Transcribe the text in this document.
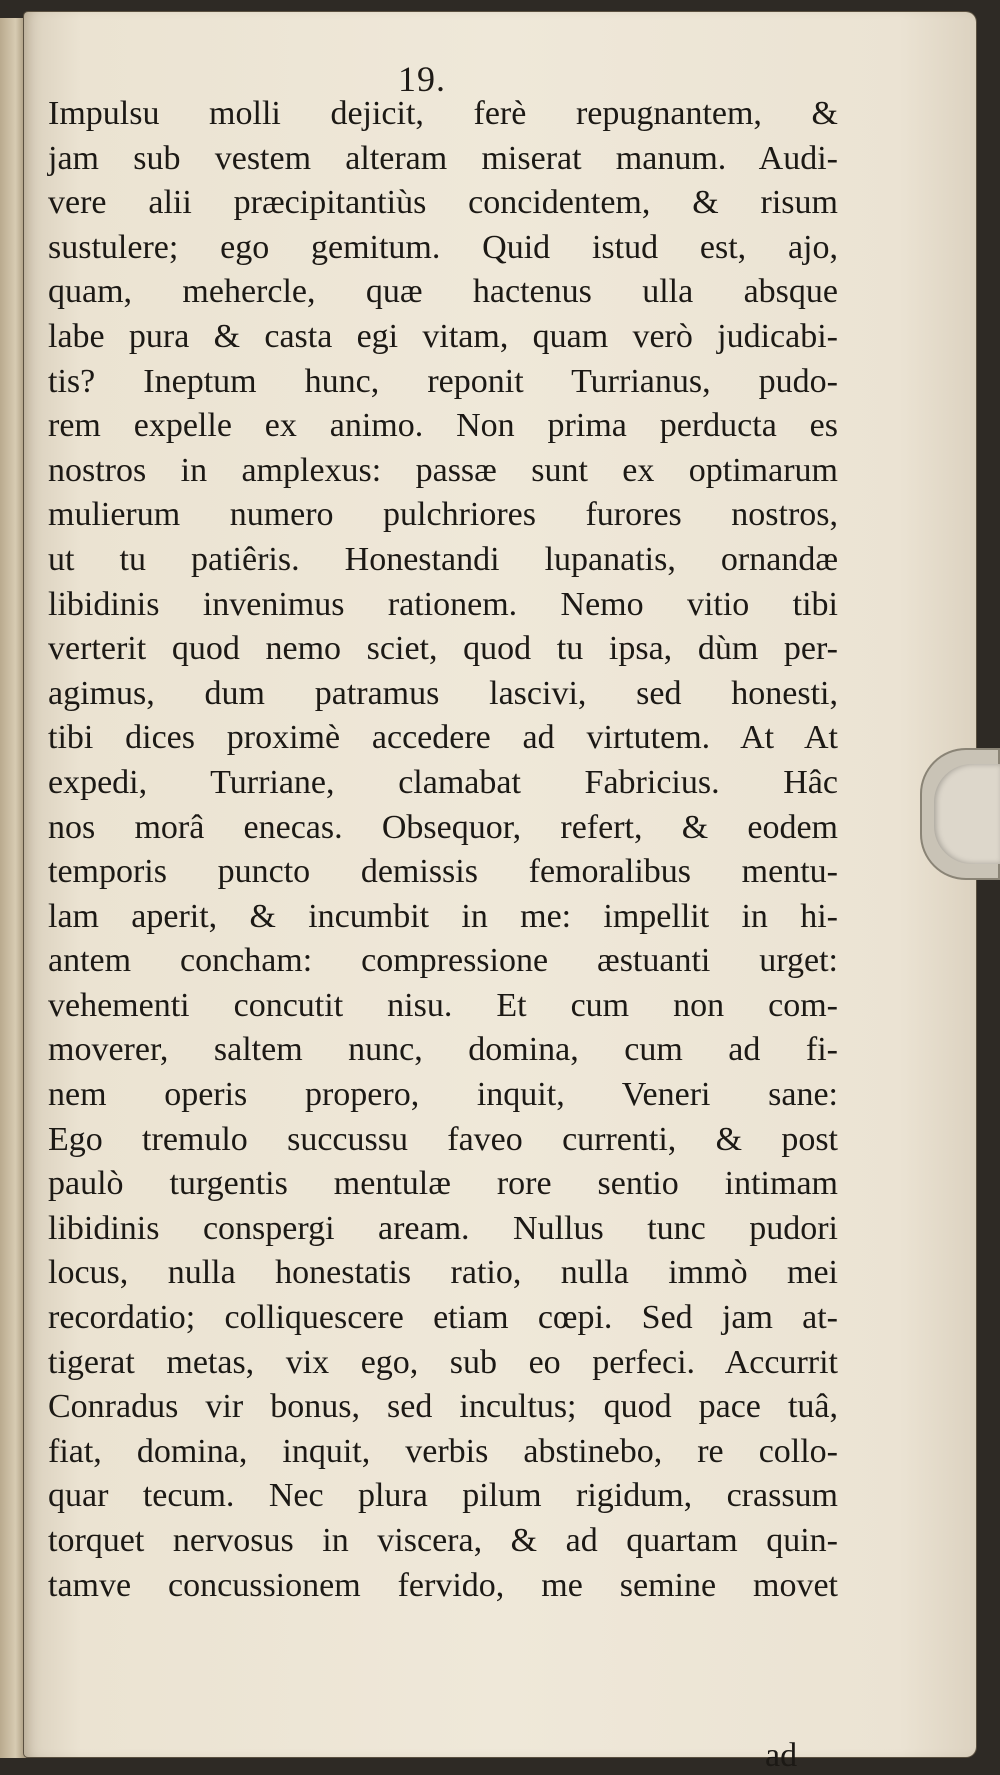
19.
Impulsu molli dejicit, ferè repugnantem, &
jam sub vestem alteram miserat manum. Audi-
vere alii præcipitantiùs concidentem, & risum
sustulere; ego gemitum. Quid istud est, ajo,
quam, mehercle, quæ hactenus ulla absque
labe pura & casta egi vitam, quam verò judicabi-
tis? Ineptum hunc, reponit Turrianus, pudo-
rem expelle ex animo. Non prima perducta es
nostros in amplexus: passæ sunt ex optimarum
mulierum numero pulchriores furores nostros,
ut tu patiêris. Honestandi lupanatis, ornandæ
libidinis invenimus rationem. Nemo vitio tibi
verterit quod nemo sciet, quod tu ipsa, dùm per-
agimus, dum patramus lascivi, sed honesti,
tibi dices proximè accedere ad virtutem. At At
expedi, Turriane, clamabat Fabricius. Hâc
nos morâ enecas. Obsequor, refert, & eodem
temporis puncto demissis femoralibus mentu-
lam aperit, & incumbit in me: impellit in hi-
antem concham: compressione æstuanti urget:
vehementi concutit nisu. Et cum non com-
moverer, saltem nunc, domina, cum ad fi-
nem operis propero, inquit, Veneri sane:
Ego tremulo succussu faveo currenti, & post
paulò turgentis mentulæ rore sentio intimam
libidinis conspergi aream. Nullus tunc pudori
locus, nulla honestatis ratio, nulla immò mei
recordatio; colliquescere etiam cœpi. Sed jam at-
tigerat metas, vix ego, sub eo perfeci. Accurrit
Conradus vir bonus, sed incultus; quod pace tuâ,
fiat, domina, inquit, verbis abstinebo, re collo-
quar tecum. Nec plura pilum rigidum, crassum
torquet nervosus in viscera, & ad quartam quin-
tamve concussionem fervido, me semine movet
ad
